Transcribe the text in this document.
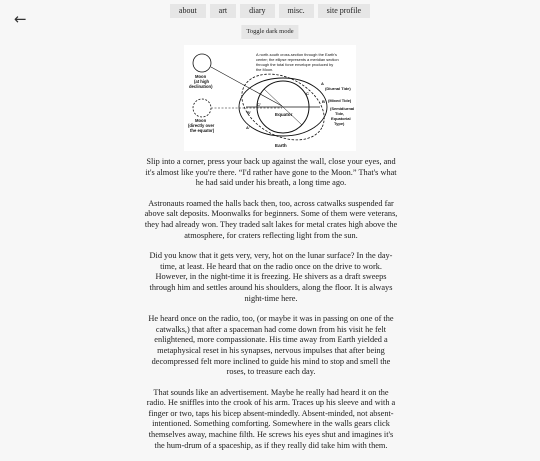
←	about	art	diary	misc.	site profile
Toggle dark mode
A north-south cross-section through the Earth's
center; the ellipse represents a meridian section
through the total force envelope produced by
the Moon.
Moon
(at high
declination)
Moon
(directly over
the equator)
Equator
Earth
A
B
C
C'
B'
A'
(Diurnal Tide)
(Mixed Tide)
(Semidiurnal
Tide,
Equatorial
Type)

Slip into a corner, press your back up against the wall, close your eyes, and it's almost like you're there. “I'd rather have gone to the Moon.” That's what he had said under his breath, a long time ago.

Astronauts roamed the halls back then, too, across catwalks suspended far above salt deposits. Moonwalks for beginners. Some of them were veterans, they had already won. They traded salt lakes for metal crates high above the atmosphere, for craters reflecting light from the sun.

Did you know that it gets very, very, hot on the lunar surface? In the day-time, at least. He heard that on the radio once on the drive to work. However, in the night-time it is freezing. He shivers as a draft sweeps through him and settles around his shoulders, along the floor. It is always night-time here.

He heard once on the radio, too, (or maybe it was in passing on one of the catwalks,) that after a spaceman had come down from his visit he felt enlightened, more compassionate. His time away from Earth yielded a metaphysical reset in his synapses, nervous impulses that after being decompressed felt more inclined to guide his mind to stop and smell the roses, to treasure each day.

That sounds like an advertisement. Maybe he really had heard it on the radio. He sniffles into the crook of his arm. Traces up his sleeve and with a finger or two, taps his bicep absent-mindedly. Absent-minded, not absent-intentioned. Something comforting. Somewhere in the walls gears click themselves away, machine filth. He screws his eyes shut and imagines it's the hum-drum of a spaceship, as if they really did take him with them.
